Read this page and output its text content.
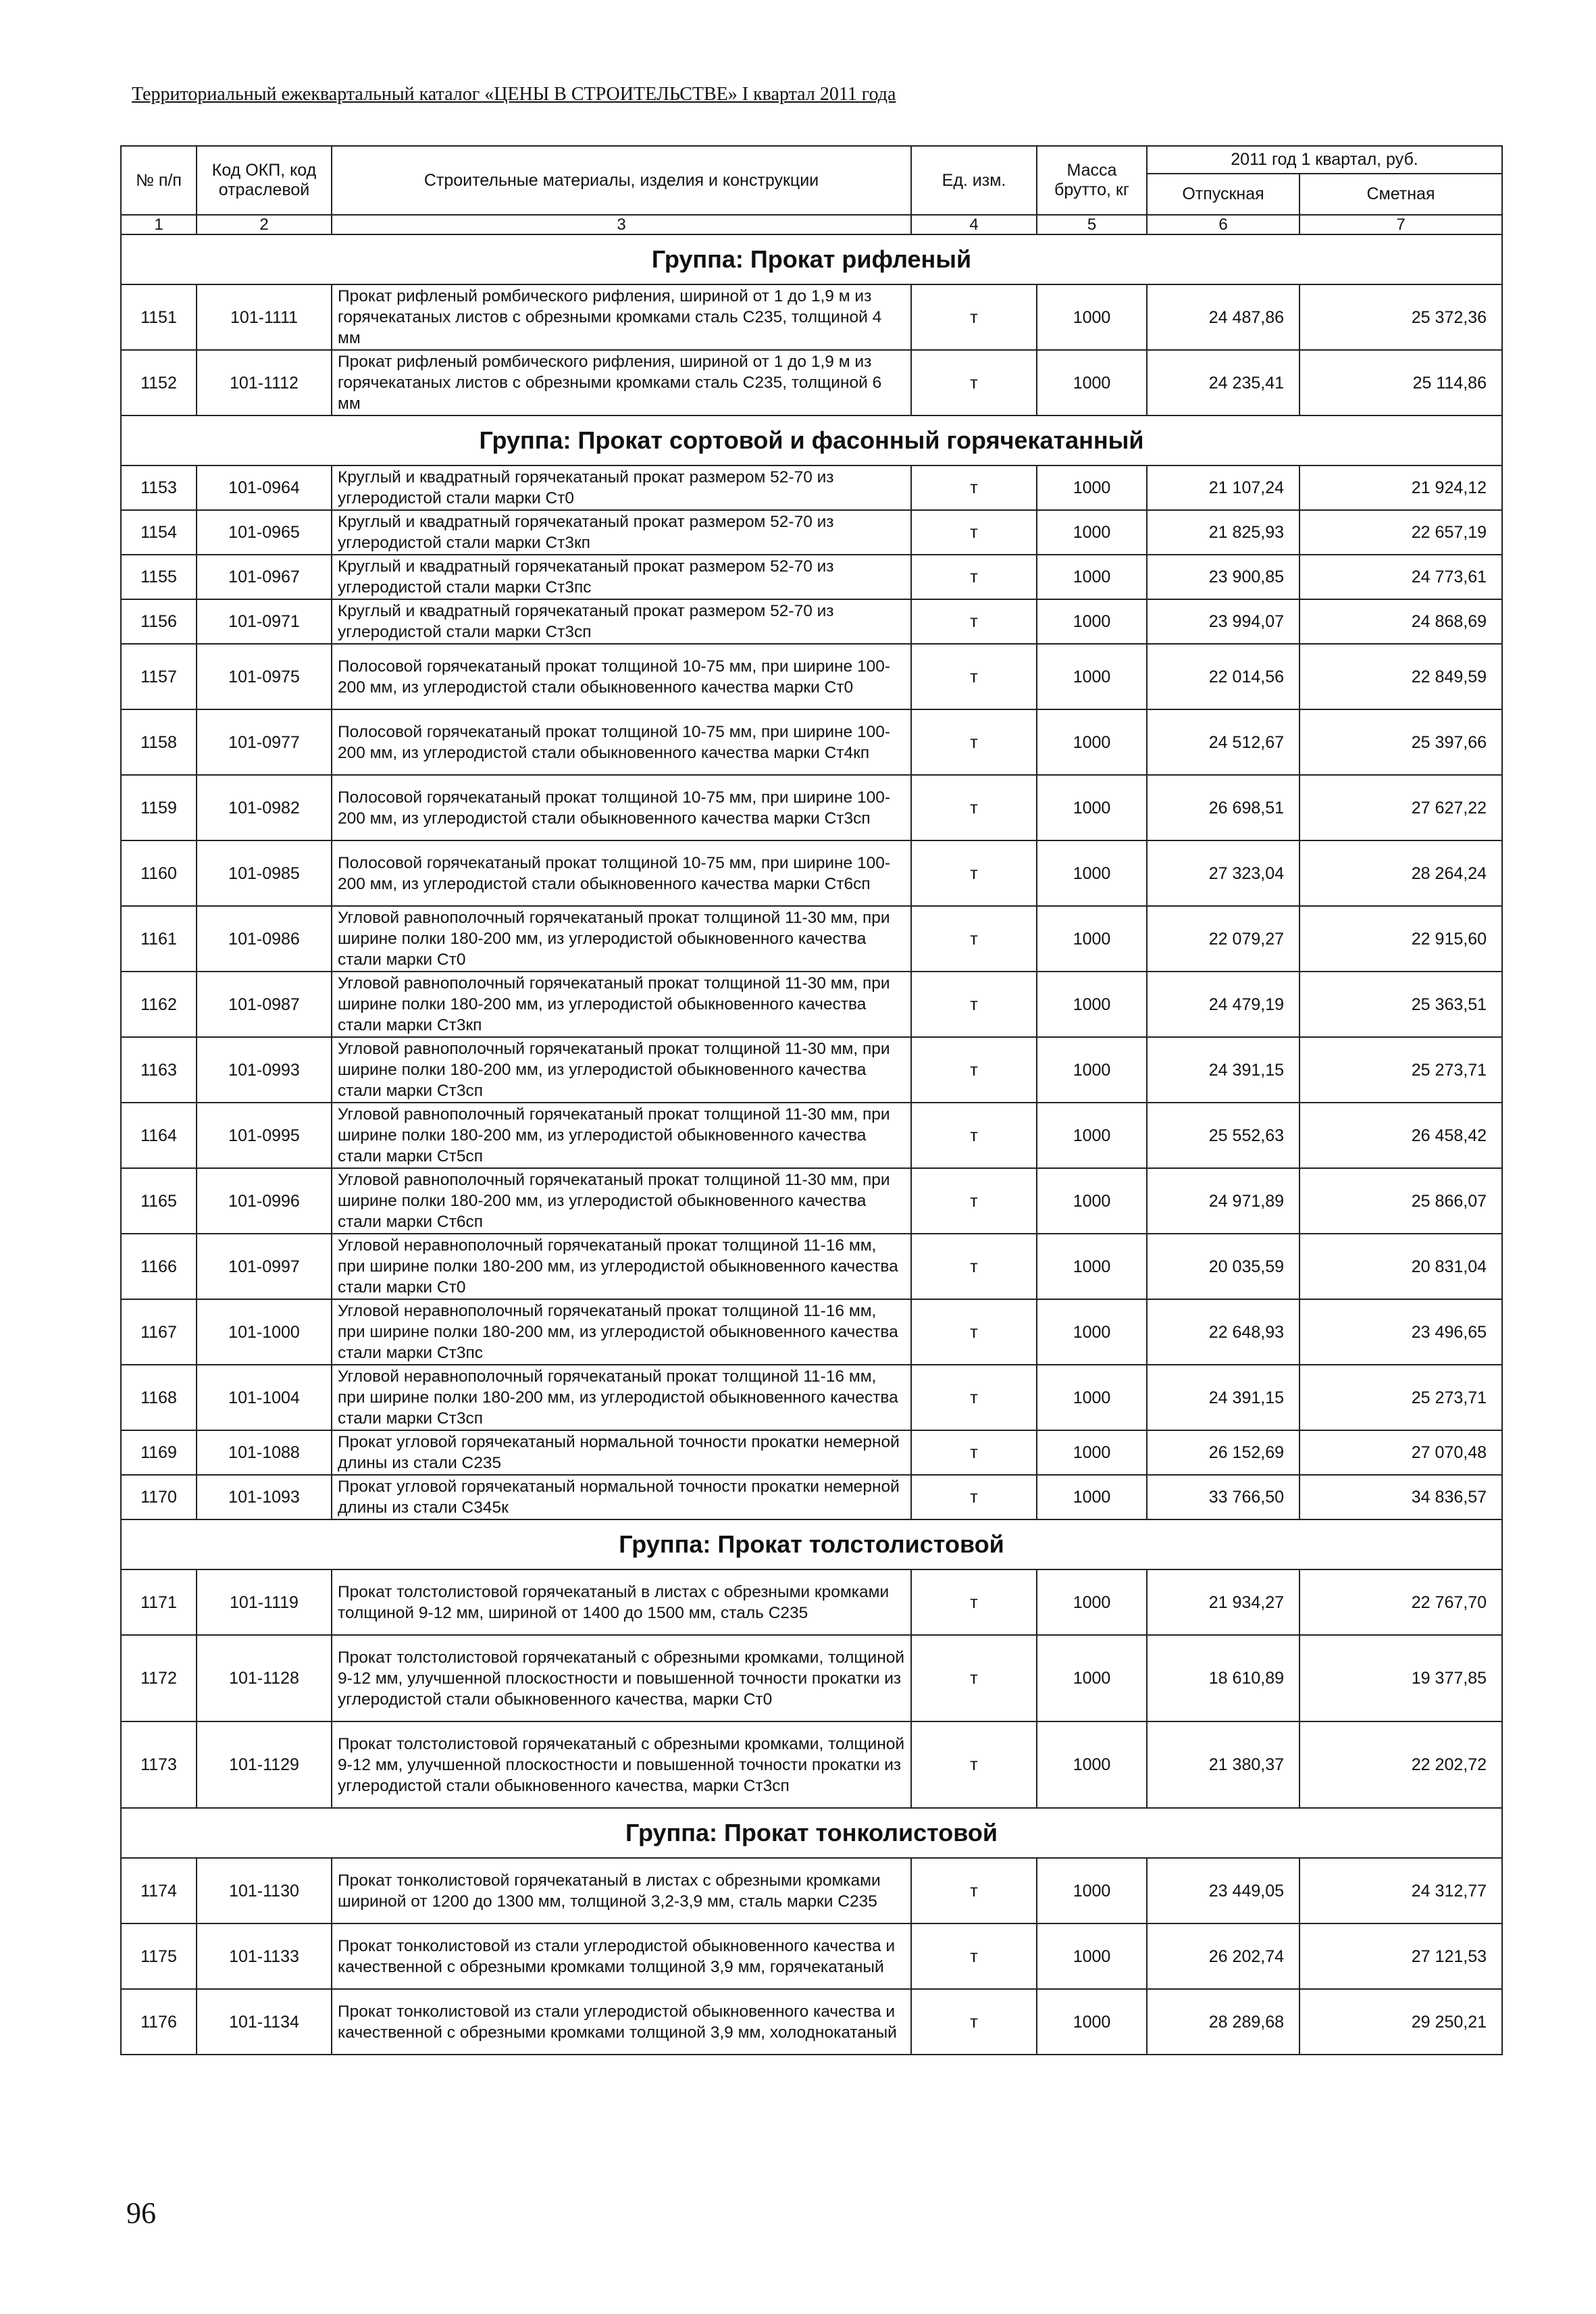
Территориальный ежеквартальный каталог «ЦЕНЫ В СТРОИТЕЛЬСТВЕ» I квартал 2011 года
№ п/п	Код ОКП, код отраслевой	Строительные материалы, изделия и конструкции	Ед. изм.	Масса брутто, кг	2011 год 1 квартал, руб.	
					Отпускная	Сметная
1	2	3	4	5	6	7
Группа: Прокат рифленый						
1151	101-1111	Прокат рифленый ромбического рифления, шириной от 1 до 1,9 м из горячекатаных листов с обрезными кромками сталь С235, толщиной 4 мм	т	1000	24 487,86	25 372,36
1152	101-1112	Прокат рифленый ромбического рифления, шириной от 1 до 1,9 м из горячекатаных листов с обрезными кромками сталь С235, толщиной 6 мм	т	1000	24 235,41	25 114,86
Группа: Прокат сортовой и фасонный горячекатанный						
1153	101-0964	Круглый и квадратный горячекатаный прокат размером 52-70 из углеродистой стали марки Ст0	т	1000	21 107,24	21 924,12
1154	101-0965	Круглый и квадратный горячекатаный прокат размером 52-70 из углеродистой стали марки Ст3кп	т	1000	21 825,93	22 657,19
1155	101-0967	Круглый и квадратный горячекатаный прокат размером 52-70 из углеродистой стали марки Ст3пс	т	1000	23 900,85	24 773,61
1156	101-0971	Круглый и квадратный горячекатаный прокат размером 52-70 из углеродистой стали марки Ст3сп	т	1000	23 994,07	24 868,69
1157	101-0975	Полосовой горячекатаный прокат толщиной 10-75 мм, при ширине 100-200 мм, из углеродистой стали обыкновенного качества марки Ст0	т	1000	22 014,56	22 849,59
1158	101-0977	Полосовой горячекатаный прокат толщиной 10-75 мм, при ширине 100-200 мм, из углеродистой стали обыкновенного качества марки Ст4кп	т	1000	24 512,67	25 397,66
1159	101-0982	Полосовой горячекатаный прокат толщиной 10-75 мм, при ширине 100-200 мм, из углеродистой стали обыкновенного качества марки Ст3сп	т	1000	26 698,51	27 627,22
1160	101-0985	Полосовой горячекатаный прокат толщиной 10-75 мм, при ширине 100-200 мм, из углеродистой стали обыкновенного качества марки Ст6сп	т	1000	27 323,04	28 264,24
1161	101-0986	Угловой равнополочный горячекатаный прокат толщиной 11-30 мм, при ширине полки 180-200 мм, из углеродистой обыкновенного качества стали марки Ст0	т	1000	22 079,27	22 915,60
1162	101-0987	Угловой равнополочный горячекатаный прокат толщиной 11-30 мм, при ширине полки 180-200 мм, из углеродистой обыкновенного качества стали марки Ст3кп	т	1000	24 479,19	25 363,51
1163	101-0993	Угловой равнополочный горячекатаный прокат толщиной 11-30 мм, при ширине полки 180-200 мм, из углеродистой обыкновенного качества стали марки Ст3сп	т	1000	24 391,15	25 273,71
1164	101-0995	Угловой равнополочный горячекатаный прокат толщиной 11-30 мм, при ширине полки 180-200 мм, из углеродистой обыкновенного качества стали марки Ст5сп	т	1000	25 552,63	26 458,42
1165	101-0996	Угловой равнополочный горячекатаный прокат толщиной 11-30 мм, при ширине полки 180-200 мм, из углеродистой обыкновенного качества стали марки Ст6сп	т	1000	24 971,89	25 866,07
1166	101-0997	Угловой неравнополочный горячекатаный прокат толщиной 11-16 мм, при ширине полки 180-200 мм, из углеродистой обыкновенного качества стали марки Ст0	т	1000	20 035,59	20 831,04
1167	101-1000	Угловой неравнополочный горячекатаный прокат толщиной 11-16 мм, при ширине полки 180-200 мм, из углеродистой обыкновенного качества стали марки Ст3пс	т	1000	22 648,93	23 496,65
1168	101-1004	Угловой неравнополочный горячекатаный прокат толщиной 11-16 мм, при ширине полки 180-200 мм, из углеродистой обыкновенного качества стали марки Ст3сп	т	1000	24 391,15	25 273,71
1169	101-1088	Прокат угловой горячекатаный нормальной точности прокатки немерной длины из стали С235	т	1000	26 152,69	27 070,48
1170	101-1093	Прокат угловой горячекатаный нормальной точности прокатки немерной длины из стали С345к	т	1000	33 766,50	34 836,57
Группа: Прокат толстолистовой						
1171	101-1119	Прокат толстолистовой горячекатаный в листах с обрезными кромками толщиной 9-12 мм, шириной от 1400 до 1500 мм, сталь С235	т	1000	21 934,27	22 767,70
1172	101-1128	Прокат толстолистовой горячекатаный с обрезными кромками, толщиной 9-12 мм, улучшенной плоскостности и повышенной точности прокатки из углеродистой стали обыкновенного качества, марки Ст0	т	1000	18 610,89	19 377,85
1173	101-1129	Прокат толстолистовой горячекатаный с обрезными кромками, толщиной 9-12 мм, улучшенной плоскостности и повышенной точности прокатки из углеродистой стали обыкновенного качества, марки Ст3сп	т	1000	21 380,37	22 202,72
Группа: Прокат тонколистовой						
1174	101-1130	Прокат тонколистовой горячекатаный в листах с обрезными кромками шириной от 1200 до 1300 мм, толщиной 3,2-3,9 мм, сталь марки С235	т	1000	23 449,05	24 312,77
1175	101-1133	Прокат тонколистовой из стали углеродистой обыкновенного качества и качественной с обрезными кромками толщиной 3,9 мм, горячекатаный	т	1000	26 202,74	27 121,53
1176	101-1134	Прокат тонколистовой из стали углеродистой обыкновенного качества и качественной с обрезными кромками толщиной 3,9 мм, холоднокатаный	т	1000	28 289,68	29 250,21
96
